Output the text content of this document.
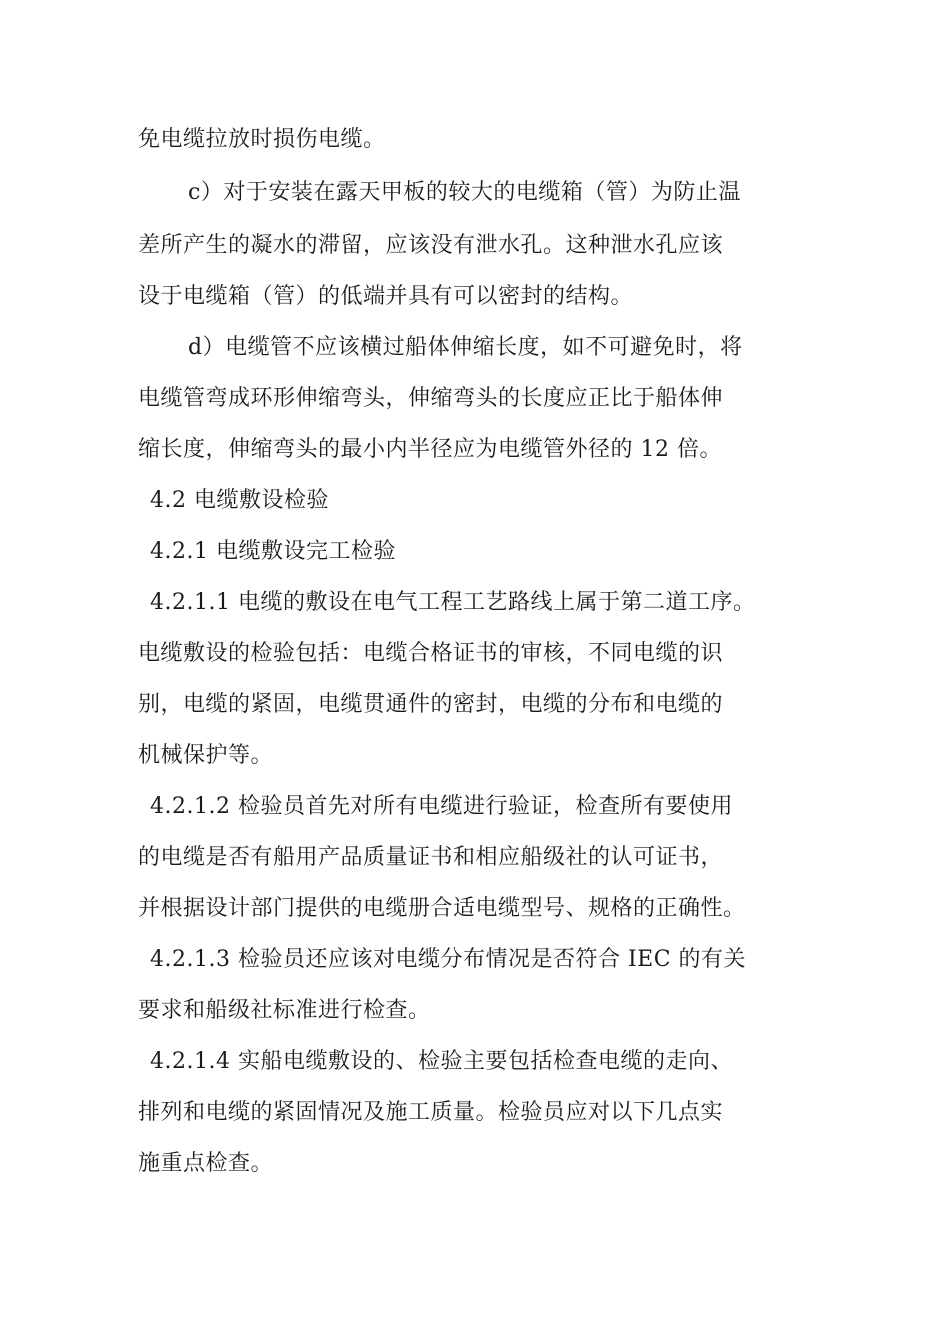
免电缆拉放时损伤电缆。
c）对于安装在露天甲板的较大的电缆箱（管）为防止温
差所产生的凝水的滞留，应该没有泄水孔。这种泄水孔应该
设于电缆箱（管）的低端并具有可以密封的结构。
d）电缆管不应该横过船体伸缩长度，如不可避免时，将
电缆管弯成环形伸缩弯头，伸缩弯头的长度应正比于船体伸
缩长度，伸缩弯头的最小内半径应为电缆管外径的 12 倍。
4.2 电缆敷设检验
4.2.1 电缆敷设完工检验
4.2.1.1 电缆的敷设在电气工程工艺路线上属于第二道工序。
电缆敷设的检验包括：电缆合格证书的审核，不同电缆的识
别，电缆的紧固，电缆贯通件的密封，电缆的分布和电缆的
机械保护等。
4.2.1.2 检验员首先对所有电缆进行验证，检查所有要使用
的电缆是否有船用产品质量证书和相应船级社的认可证书，
并根据设计部门提供的电缆册合适电缆型号、规格的正确性。
4.2.1.3 检验员还应该对电缆分布情况是否符合 IEC 的有关
要求和船级社标准进行检查。
4.2.1.4 实船电缆敷设的、检验主要包括检查电缆的走向、
排列和电缆的紧固情况及施工质量。检验员应对以下几点实
施重点检查。
